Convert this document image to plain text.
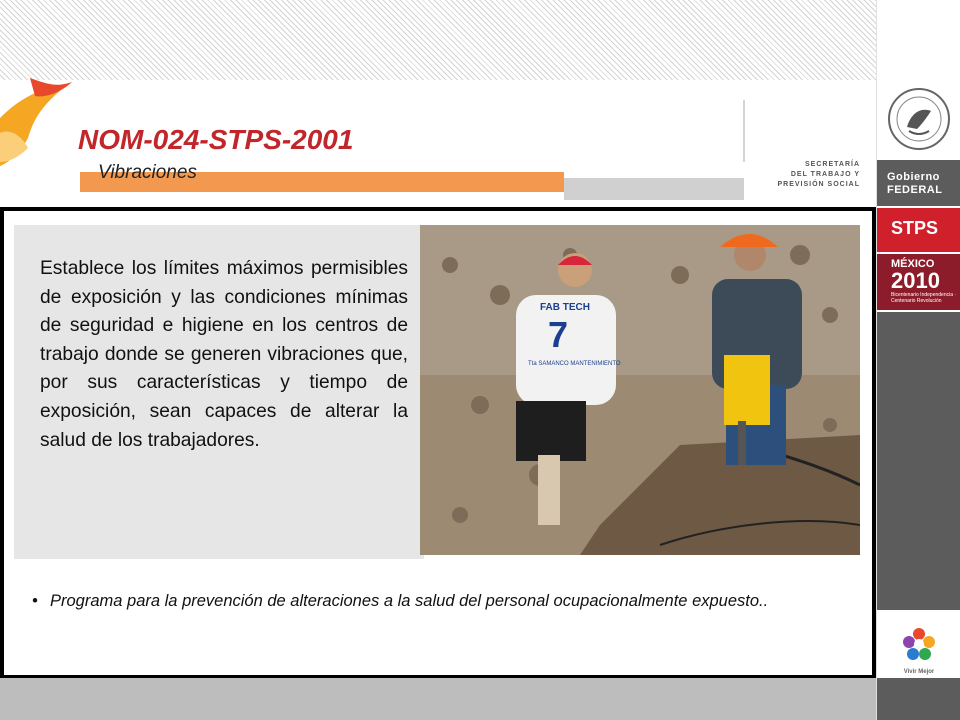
NOM-024-STPS-2001
Vibraciones	SECRETARÍA
DEL TRABAJO Y
PREVISIÓN SOCIAL
Gobierno
FEDERAL
STPS
MÉXICO
2010
Bicentenario Independencia · Centenario Revolución
Vivir Mejor

Establece los límites máximos permisibles de exposición y las condiciones mínimas de seguridad e higiene en los centros de trabajo donde se generen vibraciones que, por sus características y tiempo de exposición, sean capaces de alterar la salud de los trabajadores.

FAB TECH
7
Tta SAMANCO MANTENIMIENTO
• Programa para la prevención de alteraciones a la salud del personal ocupacionalmente expuesto..
